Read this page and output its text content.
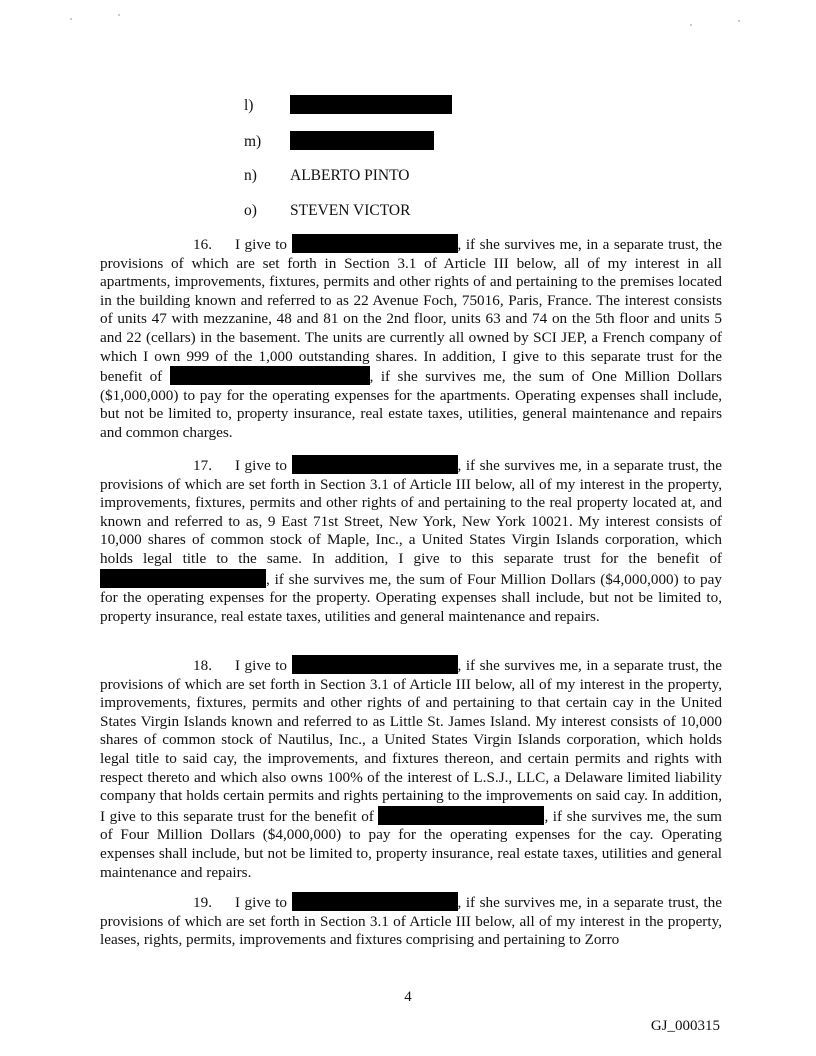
l)
m)
n) ALBERTO PINTO
o) STEVEN VICTOR

16. I give to	, if she survives me, in a separate trust, the provisions of which are set forth in Section 3.1 of Article III below, all of my interest in all apartments, improvements, fixtures, permits and other rights of and pertaining to the premises located in the building known and referred to as 22 Avenue Foch, 75016, Paris, France. The interest consists of units 47 with mezzanine, 48 and 81 on the 2nd floor, units 63 and 74 on the 5th floor and units 5 and 22 (cellars) in the basement. The units are currently all owned by SCI JEP, a French company of which I own 999 of the 1,000 outstanding shares. In addition, I give to this separate trust for the benefit of	, if she survives me, the sum of One Million Dollars ($1,000,000) to pay for the operating expenses for the apartments. Operating expenses shall include, but not be limited to, property insurance, real estate taxes, utilities, general maintenance and repairs and common charges.

17. I give to	, if she survives me, in a separate trust, the provisions of which are set forth in Section 3.1 of Article III below, all of my interest in the property, improvements, fixtures, permits and other rights of and pertaining to the real property located at, and known and referred to as, 9 East 71st Street, New York, New York 10021. My interest consists of 10,000 shares of common stock of Maple, Inc., a United States Virgin Islands corporation, which holds legal title to the same. In addition, I give to this separate trust for the benefit of , if she survives me, the sum of Four Million Dollars ($4,000,000) to pay for the operating expenses for the property. Operating expenses shall include, but not be limited to, property insurance, real estate taxes, utilities and general maintenance and repairs.

18. I give to	, if she survives me, in a separate trust, the provisions of which are set forth in Section 3.1 of Article III below, all of my interest in the property, improvements, fixtures, permits and other rights of and pertaining to that certain cay in the United States Virgin Islands known and referred to as Little St. James Island. My interest consists of 10,000 shares of common stock of Nautilus, Inc., a United States Virgin Islands corporation, which holds legal title to said cay, the improvements, and fixtures thereon, and certain permits and rights with respect thereto and which also owns 100% of the interest of L.S.J., LLC, a Delaware limited liability company that holds certain permits and rights pertaining to the improvements on said cay. In addition, I give to this separate trust for the benefit of	, if she survives me, the sum of Four Million Dollars ($4,000,000) to pay for the operating expenses for the cay. Operating expenses shall include, but not be limited to, property insurance, real estate taxes, utilities and general maintenance and repairs.

19. I give to	, if she survives me, in a separate trust, the provisions of which are set forth in Section 3.1 of Article III below, all of my interest in the property, leases, rights, permits, improvements and fixtures comprising and pertaining to Zorro

4
GJ_000315
